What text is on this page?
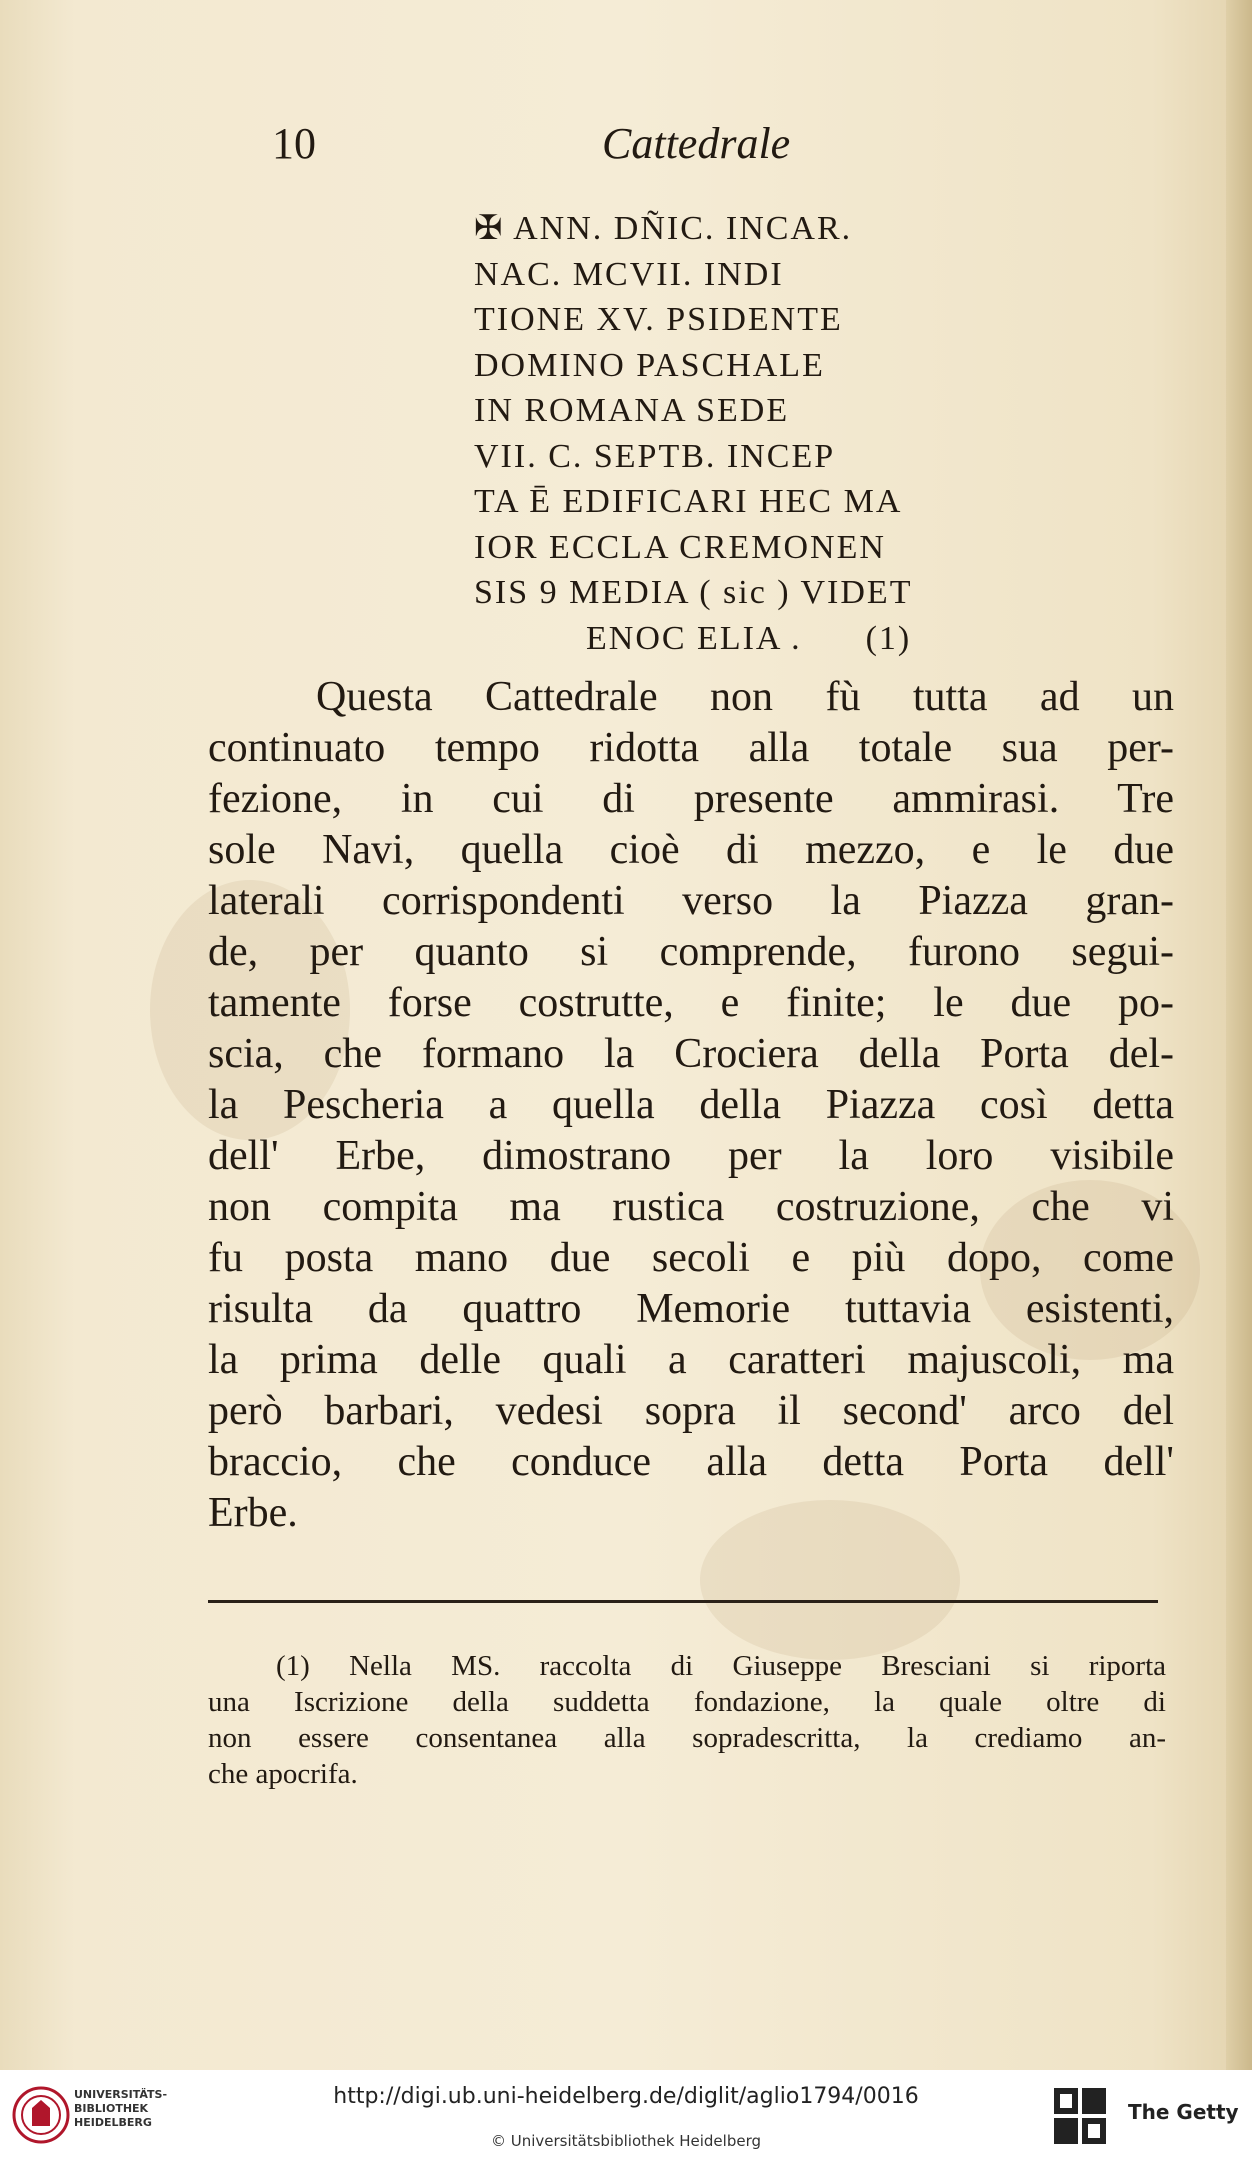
10	Cattedrale
✠ ANN. DÑIC. INCAR.
NAC. MCVII. INDI
TIONE XV. PSIDENTE
DOMINO PASCHALE
IN ROMANA SEDE
VII. C. SEPTB. INCEP
TA Ē EDIFICARI HEC MA
IOR ECCLA CREMONEN
SIS 9 MEDIA ( sic ) VIDET
ENOC ELIA . (1)
Questa Cattedrale non fù tutta ad un
continuato tempo ridotta alla totale sua per-
fezione, in cui di presente ammirasi. Tre
sole Navi, quella cioè di mezzo, e le due
laterali corrispondenti verso la Piazza gran-
de, per quanto si comprende, furono segui-
tamente forse costrutte, e finite; le due po-
scia, che formano la Crociera della Porta del-
la Pescheria a quella della Piazza così detta
dell' Erbe, dimostrano per la loro visibile
non compita ma rustica costruzione, che vi
fu posta mano due secoli e più dopo, come
risulta da quattro Memorie tuttavia esistenti,
la prima delle quali a caratteri majuscoli, ma
però barbari, vedesi sopra il second' arco del
braccio, che conduce alla detta Porta dell'
Erbe.
(1) Nella MS. raccolta di Giuseppe Bresciani si riporta
una Iscrizione della suddetta fondazione, la quale oltre di
non essere consentanea alla sopradescritta, la crediamo an-
che apocrifa.
UNIVERSITÄTS-
BIBLIOTHEK
HEIDELBERG
http://digi.ub.uni-heidelberg.de/diglit/aglio1794/0016
© Universitätsbibliothek Heidelberg
The Getty
